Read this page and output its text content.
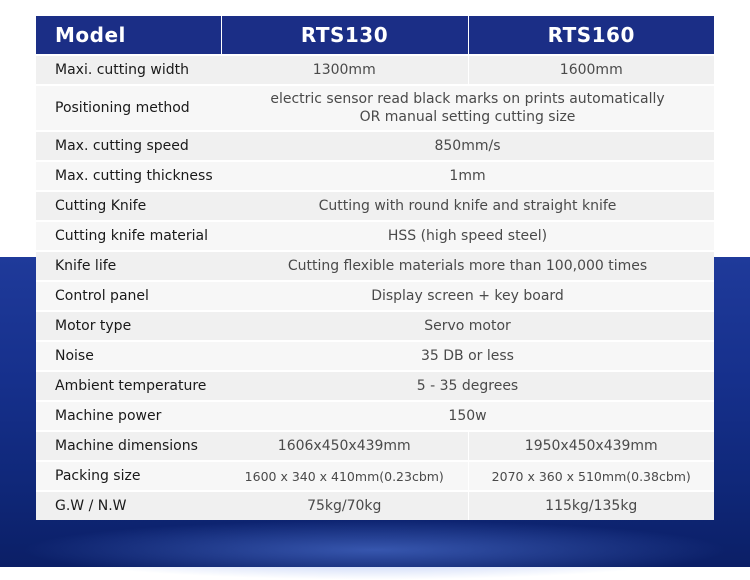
Model	RTS130	RTS160
Maxi. cutting width	1300mm	1600mm
Positioning method	electric sensor read black marks on prints automatically
OR manual setting cutting size	

Max. cutting speed	850mm/s	
Max. cutting thickness	1mm	
Cutting Knife	Cutting with round knife and straight knife	
Cutting knife material	HSS (high speed steel)	
Knife life	Cutting flexible materials more than 100,000 times	
Control panel	Display screen + key board	
Motor type	Servo motor	
Noise	35 DB or less	
Ambient temperature	5 - 35 degrees	
Machine power	150w	
Machine dimensions	1606x450x439mm	1950x450x439mm
Packing size	1600 x 340 x 410mm(0.23cbm)	2070 x 360 x 510mm(0.38cbm)
G.W / N.W	75kg/70kg	115kg/135kg
